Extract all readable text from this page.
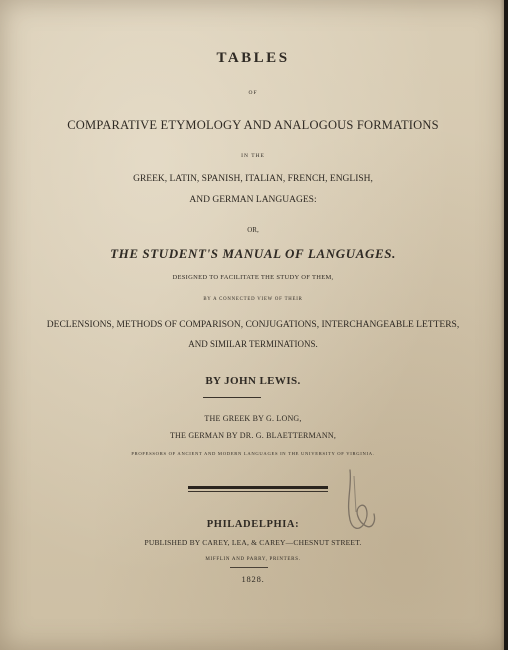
TABLES
OF
COMPARATIVE ETYMOLOGY AND ANALOGOUS FORMATIONS
IN THE
GREEK, LATIN, SPANISH, ITALIAN, FRENCH, ENGLISH,
AND GERMAN LANGUAGES:
OR,
THE STUDENT'S MANUAL OF LANGUAGES.
DESIGNED TO FACILITATE THE STUDY OF THEM,
BY A CONNECTED VIEW OF THEIR
DECLENSIONS, METHODS OF COMPARISON, CONJUGATIONS, INTERCHANGEABLE LETTERS,
AND SIMILAR TERMINATIONS.
BY JOHN LEWIS.
THE GREEK BY G. LONG,
THE GERMAN BY DR. G. BLAETTERMANN,
PROFESSORS OF ANCIENT AND MODERN LANGUAGES IN THE UNIVERSITY OF VIRGINIA.
PHILADELPHIA:
PUBLISHED BY CAREY, LEA, & CAREY—CHESNUT STREET.
MIFFLIN AND PARRY, PRINTERS.
1828.
